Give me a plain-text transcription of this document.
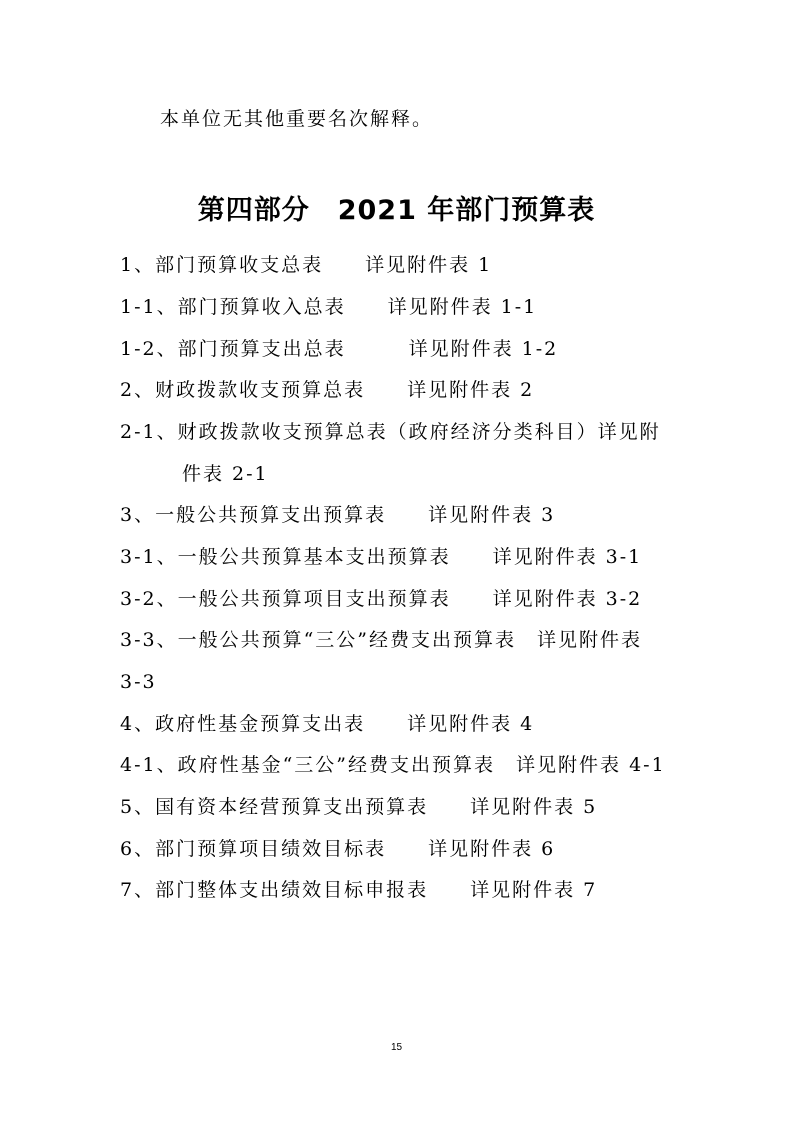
本单位无其他重要名次解释。
第四部分　2021 年部门预算表
1、部门预算收支总表　　详见附件表 1
1-1、部门预算收入总表　　详见附件表 1-1
1-2、部门预算支出总表　　　详见附件表 1-2
2、财政拨款收支预算总表　　详见附件表 2
2-1、财政拨款收支预算总表（政府经济分类科目）详见附
件表 2-1
3、一般公共预算支出预算表　　详见附件表 3
3-1、一般公共预算基本支出预算表　　详见附件表 3-1
3-2、一般公共预算项目支出预算表　　详见附件表 3-2
3-3、一般公共预算“三公”经费支出预算表　详见附件表
3-3
4、政府性基金预算支出表　　详见附件表 4
4-1、政府性基金“三公”经费支出预算表　详见附件表 4-1
5、国有资本经营预算支出预算表　　详见附件表 5
6、部门预算项目绩效目标表　　详见附件表 6
7、部门整体支出绩效目标申报表　　详见附件表 7
15
